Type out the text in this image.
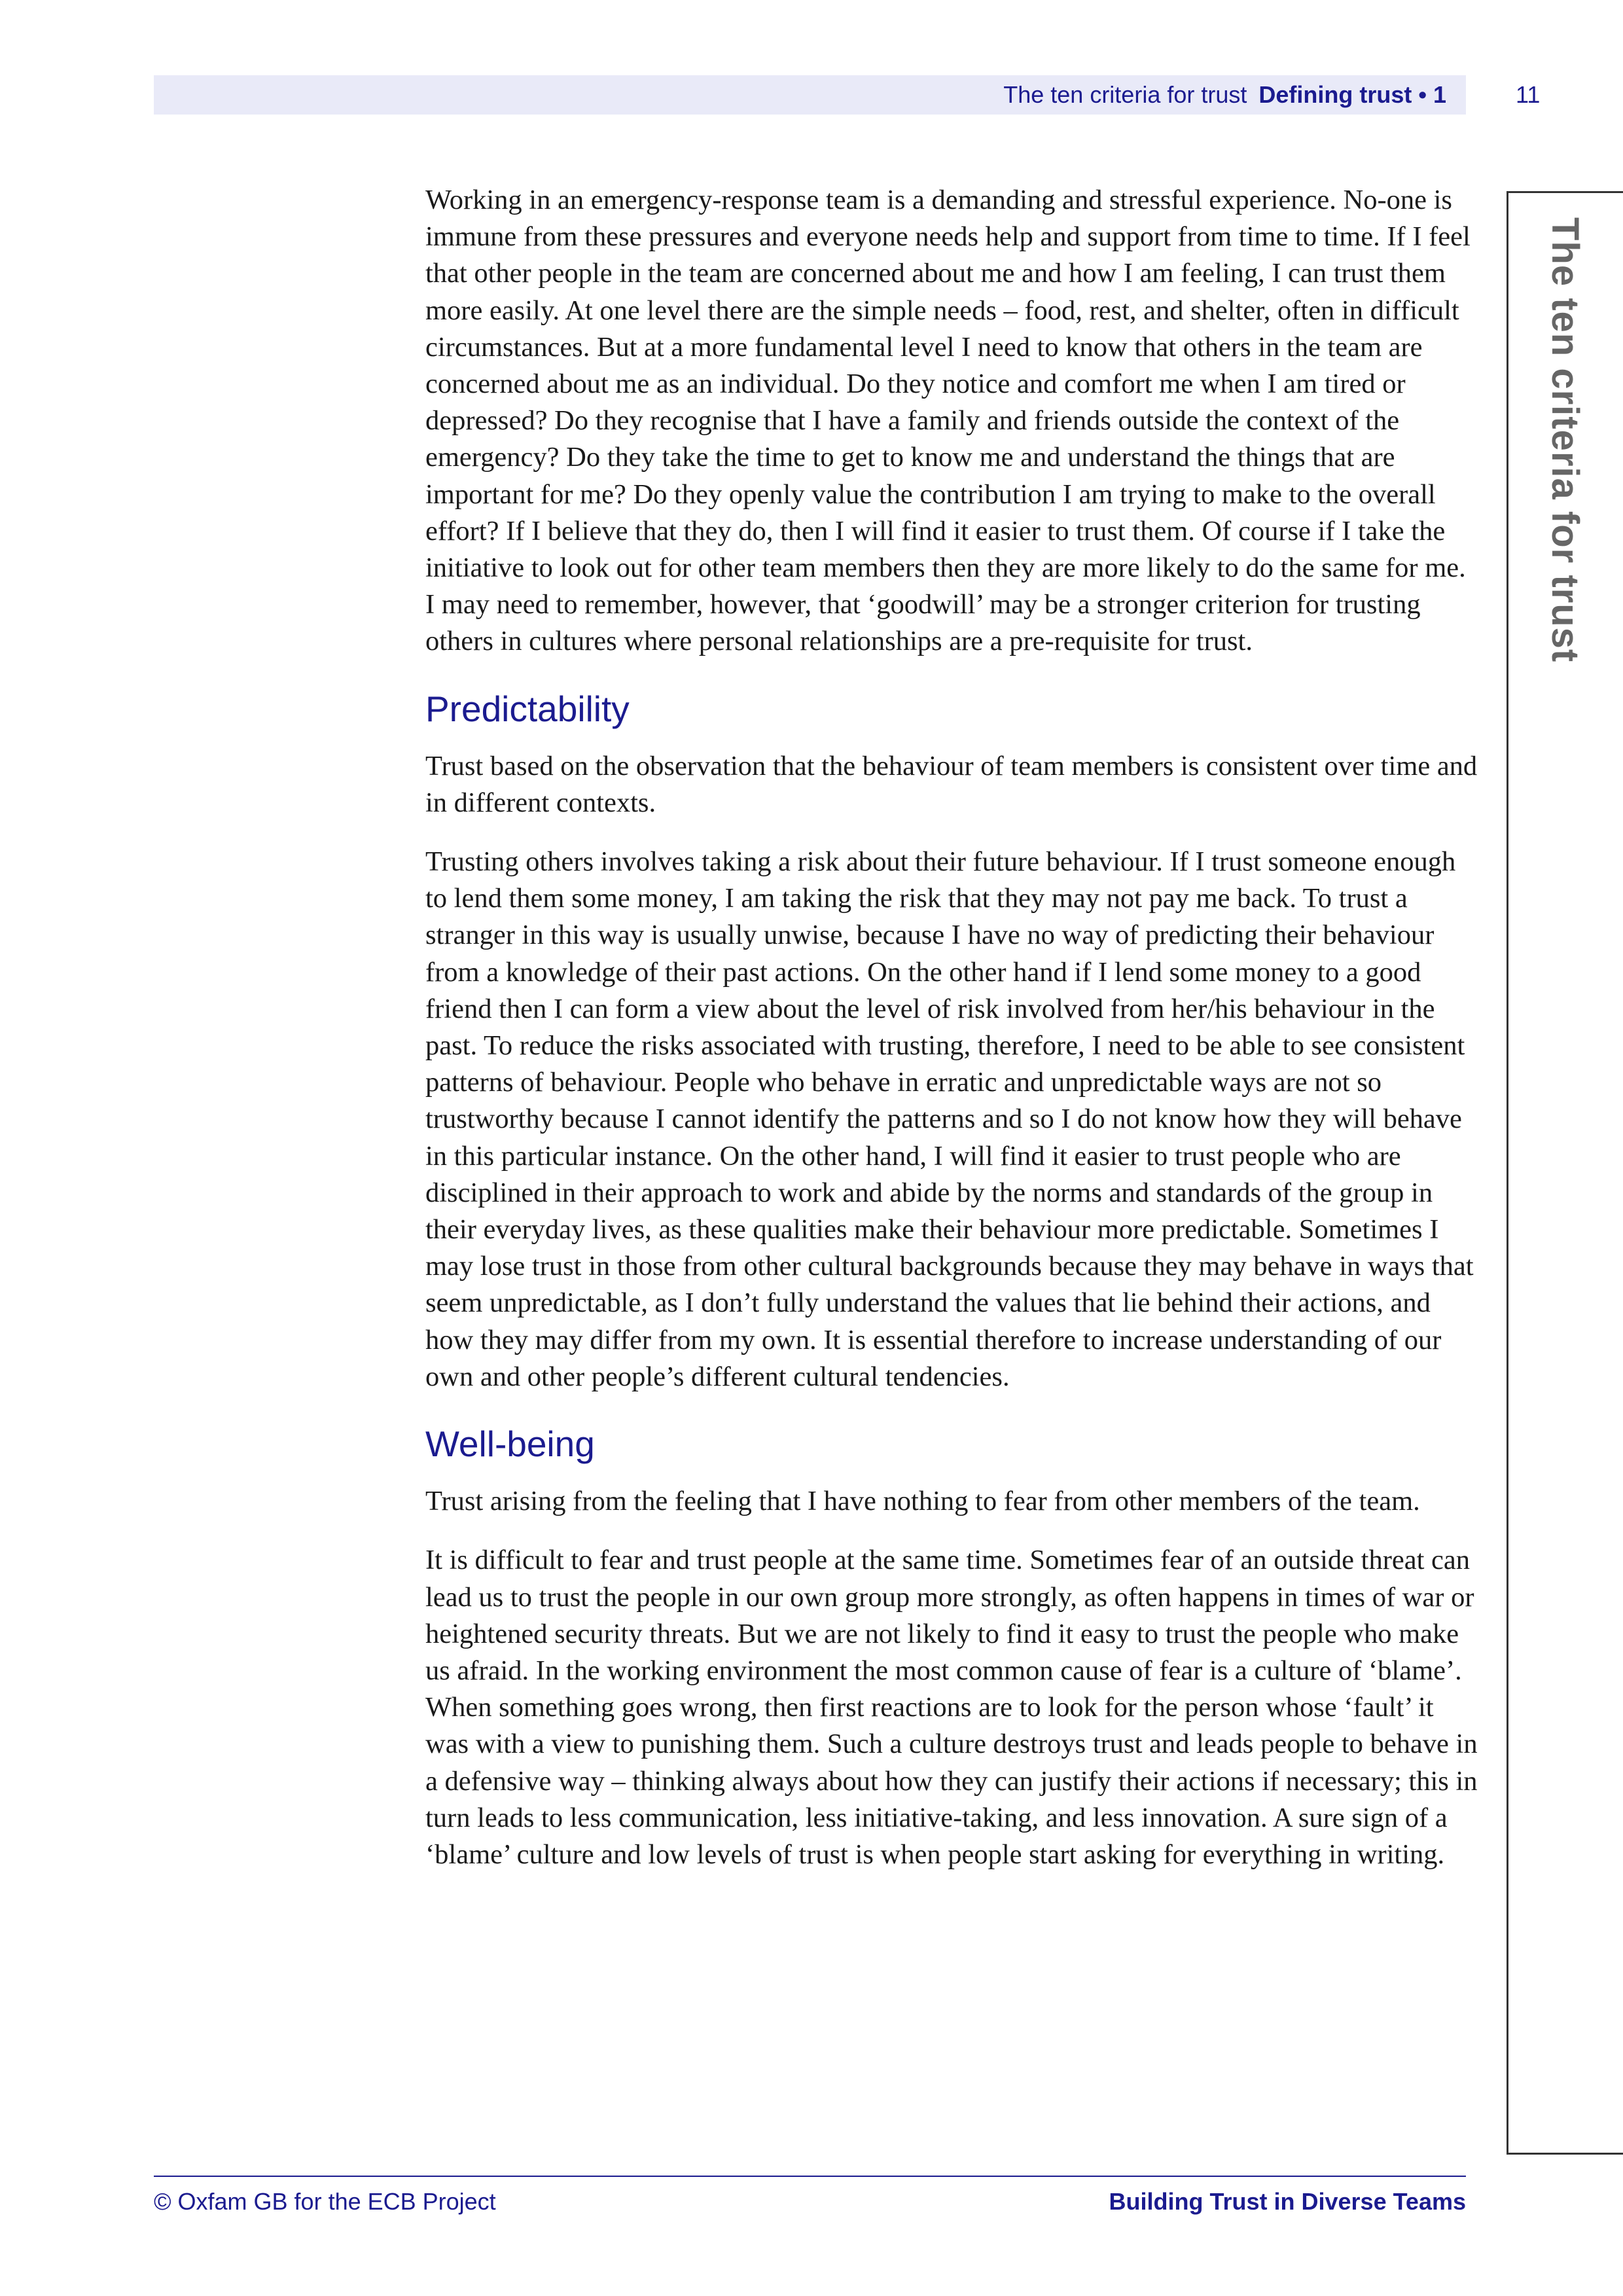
The ten criteria for trust Defining trust • 1	11
The ten criteria for trust

Working in an emergency-response team is a demanding and stressful experience. No-one is immune from these pressures and everyone needs help and support from time to time. If I feel that other people in the team are concerned about me and how I am feeling, I can trust them more easily. At one level there are the simple needs – food, rest, and shelter, often in difficult circumstances. But at a more fundamental level I need to know that others in the team are concerned about me as an individual. Do they notice and comfort me when I am tired or depressed? Do they recognise that I have a family and friends outside the context of the emergency? Do they take the time to get to know me and understand the things that are important for me? Do they openly value the contribution I am trying to make to the overall effort? If I believe that they do, then I will find it easier to trust them. Of course if I take the initiative to look out for other team members then they are more likely to do the same for me. I may need to remember, however, that ‘goodwill’ may be a stronger criterion for trusting others in cultures where personal relationships are a pre-requisite for trust.

Predictability

Trust based on the observation that the behaviour of team members is consistent over time and in different contexts.

Trusting others involves taking a risk about their future behaviour. If I trust someone enough to lend them some money, I am taking the risk that they may not pay me back. To trust a stranger in this way is usually unwise, because I have no way of predicting their behaviour from a knowledge of their past actions. On the other hand if I lend some money to a good friend then I can form a view about the level of risk involved from her/his behaviour in the past. To reduce the risks associated with trusting, therefore, I need to be able to see consistent patterns of behaviour. People who behave in erratic and unpredictable ways are not so trustworthy because I cannot identify the patterns and so I do not know how they will behave in this particular instance. On the other hand, I will find it easier to trust people who are disciplined in their approach to work and abide by the norms and standards of the group in their everyday lives, as these qualities make their behaviour more predictable. Sometimes I may lose trust in those from other cultural backgrounds because they may behave in ways that seem unpredictable, as I don’t fully understand the values that lie behind their actions, and how they may differ from my own. It is essential therefore to increase understanding of our own and other people’s different cultural tendencies.

Well-being

Trust arising from the feeling that I have nothing to fear from other members of the team.

It is difficult to fear and trust people at the same time. Sometimes fear of an outside threat can lead us to trust the people in our own group more strongly, as often happens in times of war or heightened security threats. But we are not likely to find it easy to trust the people who make us afraid. In the working environment the most common cause of fear is a culture of ‘blame’. When something goes wrong, then first reactions are to look for the person whose ‘fault’ it was with a view to punishing them. Such a culture destroys trust and leads people to behave in a defensive way – thinking always about how they can justify their actions if necessary; this in turn leads to less communication, less initiative-taking, and less innovation. A sure sign of a ‘blame’ culture and low levels of trust is when people start asking for everything in writing.

© Oxfam GB for the ECB Project	Building Trust in Diverse Teams
